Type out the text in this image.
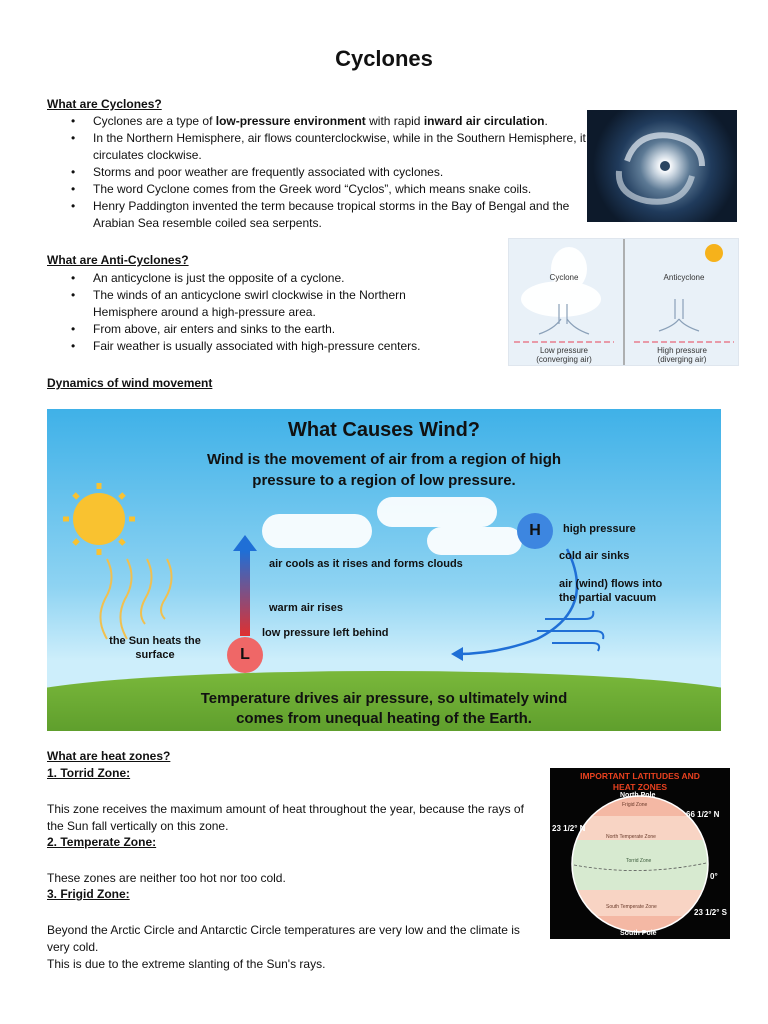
Cyclones
What are Cyclones?
• Cyclones are a type of low-pressure environment with rapid inward air circulation.
• In the Northern Hemisphere, air flows counterclockwise, while in the Southern Hemisphere, it circulates clockwise.
• Storms and poor weather are frequently associated with cyclones.
• The word Cyclone comes from the Greek word “Cyclos”, which means snake coils.
• Henry Paddington invented the term because tropical storms in the Bay of Bengal and the Arabian Sea resemble coiled sea serpents.
What are Anti-Cyclones?
• An anticyclone is just the opposite of a cyclone.
• The winds of an anticyclone swirl clockwise in the Northern Hemisphere around a high-pressure area.
• From above, air enters and sinks to the earth.
• Fair weather is usually associated with high-pressure centers.
Cyclone	Anticyclone
Low pressure
(converging air)
High pressure
(diverging air)
Dynamics of wind movement
What Causes Wind?
Wind is the movement of air from a region of high
pressure to a region of low pressure.
H
L
high pressure
cold air sinks
air (wind) flows into
the partial vacuum
air cools as it rises and forms clouds
warm air rises
low pressure left behind
the Sun heats the
surface
Temperature drives air pressure, so ultimately wind
comes from unequal heating of the Earth.
What are heat zones?
1. Torrid Zone:
This zone receives the maximum amount of heat throughout the year, because the rays of the Sun fall vertically on this zone.
2. Temperate Zone:
These zones are neither too hot nor too cold.
3. Frigid Zone:
Beyond the Arctic Circle and Antarctic Circle temperatures are very low and the climate is very cold.
This is due to the extreme slanting of the Sun's rays.
IMPORTANT LATITUDES AND
HEAT ZONES
North Pole
South Pole
66 1/2° N
23 1/2° N
0°
23 1/2° S
Frigid Zone
North Temperate Zone
Torrid Zone
South Temperate Zone
